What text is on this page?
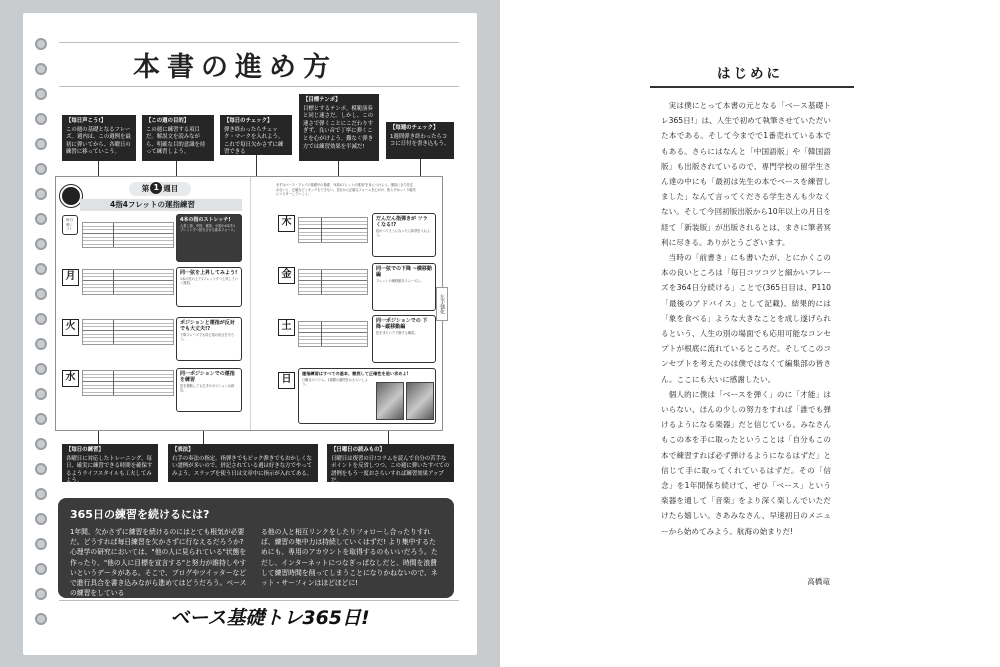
本書の進め方
【毎日声こう!】
この週の基礎となるフレーズ。週内は、この週例を最初に弾いてから、各曜日の練習に移っていこう。
【この週の目的】
この週に練習する項目だ。解説文を読みながら、明確な目的意識を持って練習しよう。
【毎日のチェック】
弾き終わったらチェック・マークを入れよう。これで毎日欠かさずに練習できる
【目標テンポ】
目標とするテンポ。模範演奏と同じ速さだ。しかし、この速さで弾くことにこだわりすぎず、良い音で丁寧に弾くことを心がけよう。難なく弾き方では練習効果を半減だ!
【毎週のチェック】
1週間弾き終わったらココに日付を書き込もう。
第 1 週目	まずはベース・プレイの基礎中の基礎、"4指4フレットの運指"を身につけよう。運指に全力を注がないと、正確なピッキングもできない。初日から正確なフォームを心がけ、焦らずゆっくり確実にマスターしていこう。
4指4フレットの運指練習
毎日弾こう!
4本の指のストレッチ!
人差し指、中指、薬指、小指の4本を1フレットずつ担当させる基本フォーム。
月	同一弦を上昇してみよう!
1本の弦の上で1フレットずつ上昇していく運指。
火	ポジションと運指が反対でも大丈夫!?
下降フレーズでも同じ指の担当を守ろう。
水	同一ポジションでの運指を練習
弦を移動しても左手のポジションは固定。
木	だんだん指弾きが ツラくなる!?
指がつりそうになったら休憩を入れよう。
金	同一弦での下降 ~横移動編
フレットの横移動をスムーズに。
土	同一ポジションでの 下降~縦移動編
弦をまたいで下降する練習。
日
運指練習はすべての基本、徹底して正確性を追い求めよ!
日曜日のコラム。1週間の譜例をおさらいしよう。
左手強化
【毎日の練習】
各曜日に対応したトレーニング。毎日、確実に練習できる時間を確保するようライフスタイルも工夫してみよう。
【表法】
右手の奏法の指定。指弾きでもピック弾きでもおかしくない譜例が多いので、併記されている週は好きな方でやってみよう。スラップを使う日は文章中に指示が入れてある。
【日曜日の読みもの】
日曜日は復習の日!コラムを読んで自分の苦手なポイントを反省しつつ、この週に弾いたすべての譜例をもう一度おさらいすれば練習効果アップだ。
365日の練習を続けるには?
1年間、欠かさずに練習を続けるのにはとても根気が必要だ。どうすれば毎日練習を欠かさずに行なえるだろうか? 心理学の研究においては、"他の人に見られている"状態を作ったり、"他の人に目標を宣言する"と努力が維持しやすいというデータがある。そこで、ブログやツイッターなどで進行具合を書き込みながら進めてはどうだろう。ベースの練習をしている
る他の人と相互リンクをしたりフォローし合ったりすれば、練習の集中力は持続していくはずだ! より集中するためにも、専用のアカウントを取得するのもいいだろう。ただし、インターネットにつなぎっぱなしだと、時間を浪費して練習時間を削ってしまうことになりかねないので、ネット・サーフィンはほどほどに!
ベース基礎トレ365日!
はじめに

実は僕にとって本書の元となる「ベース基礎トレ365日!」は、人生で初めて執筆させていただいた本である。そして今までで1番売れている本でもある。さらにはなんと「中国語版」や「韓国語版」も出版されているので、専門学校の留学生さん達の中にも「最初は先生の本でベースを練習しました」なんて言ってくださる学生さんも少なくない。そして今回初版出版から10年以上の月日を経て「新装版」が出版されるとは、まさに筆者冥利に尽きる。ありがとうございます。

当時の「前書き」にも書いたが、とにかくこの本の良いところは「毎日コツコツと細かいフレーズを364日分続ける」ことで(365日目は、P110「最後のアドバイス」として記載)、結果的には「象を食べる」ような大きなことを成し遂げられるという、人生の別の場面でも応用可能なコンセプトが根底に流れているところだ。そしてこのコンセプトを考えたのは僕ではなくて編集部の皆さん。ここにも大いに感謝したい。

個人的に僕は「ベースを弾く」のに「才能」はいらない、ほんの少しの努力をすれば「誰でも弾けるようになる楽器」だと信じている。みなさんもこの本を手に取ったということは「自分もこの本で練習すれば必ず弾けるようになるはずだ」と信じて手に取ってくれているはずだ。その「信念」を1年間保ち続けて、ぜひ「ベース」という楽器を通して「音楽」をより深く楽しんでいただけたら嬉しい。さあみなさん、早速初日のメニューから始めてみよう。航海の始まりだ!

高橋竜
